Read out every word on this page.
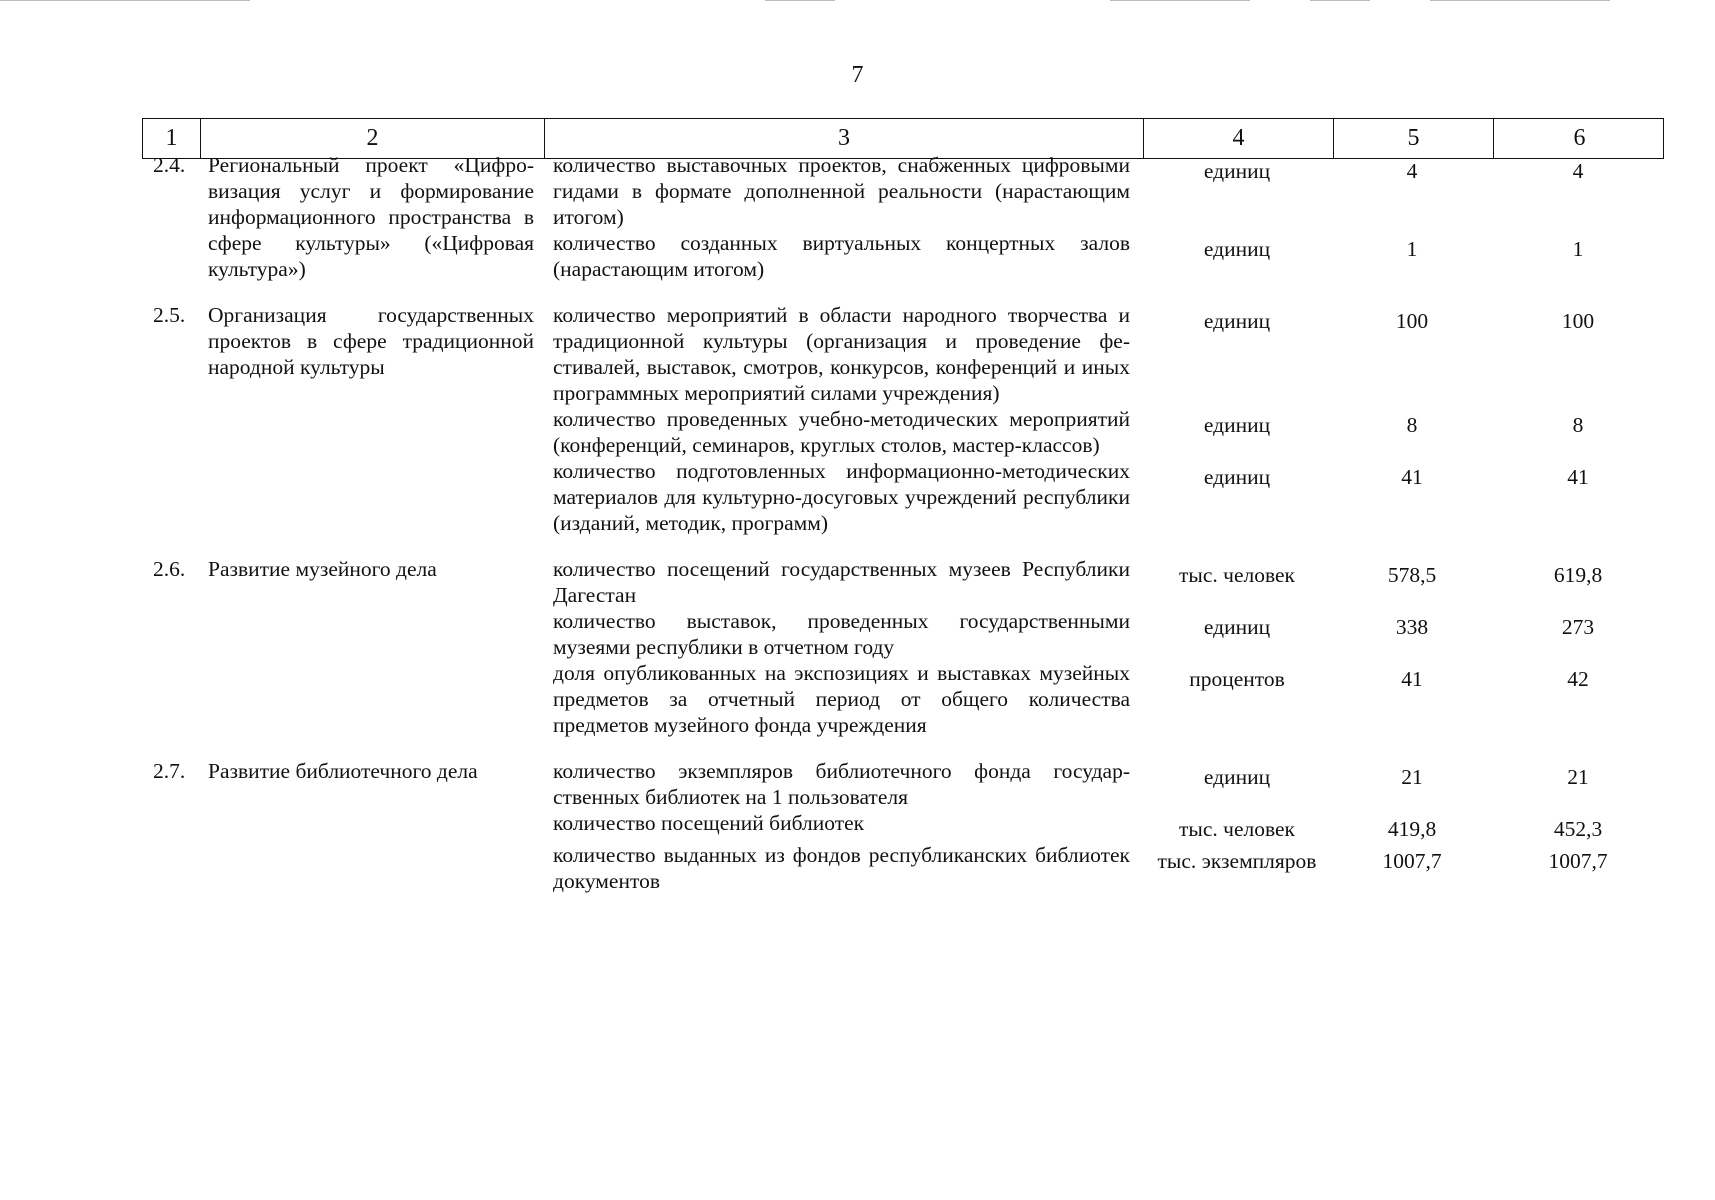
7
1	2	3	4	5	6
2.4.	Региональный проект «Цифровизация услуг и формирование информационного пространства в сфере культуры» («Цифровая культура»)	количество выставочных проектов, снабженных цифровыми гидами в формате дополненной реальности (нарастающим итогом)	единиц	4	4
		количество созданных виртуальных концертных залов (нарастающим итогом)	единиц	1	1

2.5.	Организация государственных проектов в сфере традиционной народной культуры	количество мероприятий в области народного творчества и традиционной культуры (организация и проведение фестивалей, выставок, смотров, конкурсов, конференций и иных программных мероприятий силами учреждения)	единиц	100	100
		количество проведенных учебно-методических мероприятий (конференций, семинаров, круглых столов, мастер-классов)	единиц	8	8
		количество подготовленных информационно-методических материалов для культурно-досуговых учреждений республики (изданий, методик, программ)	единиц	41	41

2.6.	Развитие музейного дела	количество посещений государственных музеев Республики Дагестан	тыс. человек	578,5	619,8
		количество выставок, проведенных государственными музеями республики в отчетном году	единиц	338	273
		доля опубликованных на экспозициях и выставках музейных предметов за отчетный период от общего количества предметов музейного фонда учреждения	процентов	41	42

2.7.	Развитие библиотечного дела	количество экземпляров библиотечного фонда государственных библиотек на 1 пользователя	единиц	21	21
		количество посещений библиотек	тыс. человек	419,8	452,3
		количество выданных из фондов республиканских библиотек документов	тыс. экземпляров	1007,7	1007,7
